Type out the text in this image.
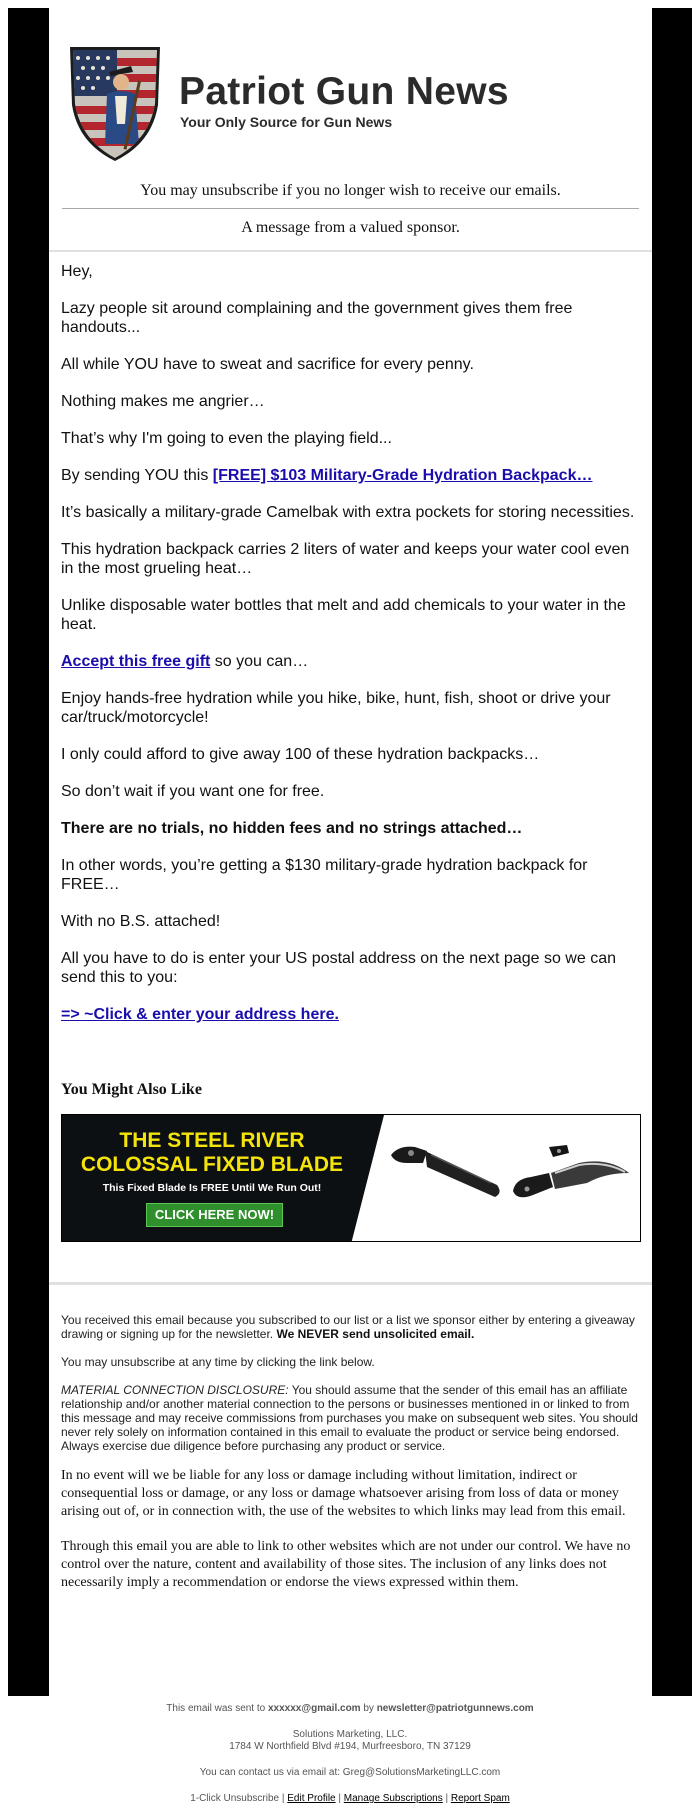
Patriot Gun News
Your Only Source for Gun News
You may unsubscribe if you no longer wish to receive our emails.
A message from a valued sponsor.

Hey,

Lazy people sit around complaining and the government gives them free handouts...

All while YOU have to sweat and sacrifice for every penny.

Nothing makes me angrier…

That’s why I'm going to even the playing field...

By sending YOU this [FREE] $103 Military-Grade Hydration Backpack…

It’s basically a military-grade Camelbak with extra pockets for storing necessities.

This hydration backpack carries 2 liters of water and keeps your water cool even in the most grueling heat…

Unlike disposable water bottles that melt and add chemicals to your water in the heat.

Accept this free gift so you can…

Enjoy hands-free hydration while you hike, bike, hunt, fish, shoot or drive your car/truck/motorcycle!

I only could afford to give away 100 of these hydration backpacks…

So don’t wait if you want one for free.

There are no trials, no hidden fees and no strings attached…

In other words, you’re getting a $130 military-grade hydration backpack for FREE…

With no B.S. attached!

All you have to do is enter your US postal address on the next page so we can send this to you:

=> ~Click & enter your address here.

You Might Also Like
THE STEEL RIVER
COLOSSAL FIXED BLADE
This Fixed Blade Is FREE Until We Run Out!
CLICK HERE NOW!

You received this email because you subscribed to our list or a list we sponsor either by entering a giveaway drawing or signing up for the newsletter. We NEVER send unsolicited email.

You may unsubscribe at any time by clicking the link below.

MATERIAL CONNECTION DISCLOSURE: You should assume that the sender of this email has an affiliate relationship and/or another material connection to the persons or businesses mentioned in or linked to from this message and may receive commissions from purchases you make on subsequent web sites. You should never rely solely on information contained in this email to evaluate the product or service being endorsed. Always exercise due diligence before purchasing any product or service.

In no event will we be liable for any loss or damage including without limitation, indirect or consequential loss or damage, or any loss or damage whatsoever arising from loss of data or money arising out of, or in connection with, the use of the websites to which links may lead from this email.

Through this email you are able to link to other websites which are not under our control. We have no control over the nature, content and availability of those sites. The inclusion of any links does not necessarily imply a recommendation or endorse the views expressed within them.

This email was sent to xxxxxx@gmail.com by newsletter@patriotgunnews.com
Solutions Marketing, LLC.
1784 W Northfield Blvd #194, Murfreesboro, TN 37129
You can contact us via email at: Greg@SolutionsMarketingLLC.com
1-Click Unsubscribe | Edit Profile | Manage Subscriptions | Report Spam
